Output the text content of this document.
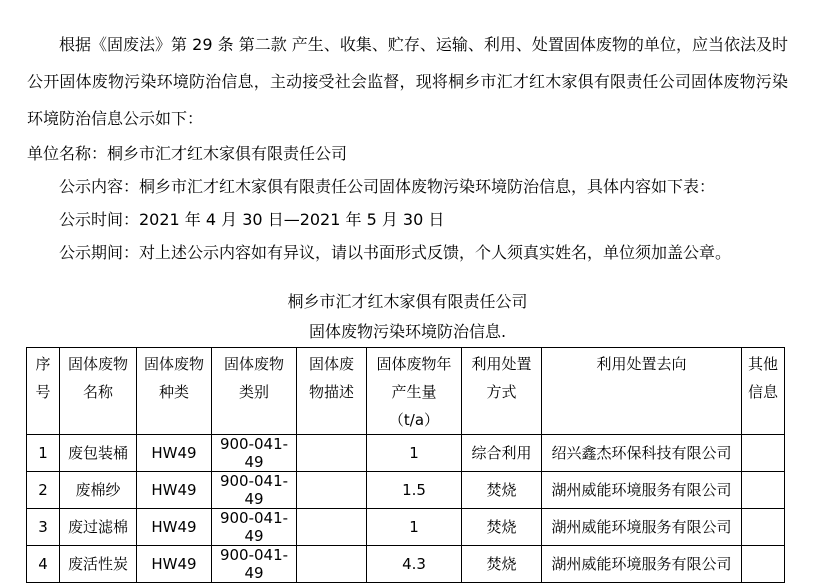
根据《固废法》第 29 条 第二款 产生、收集、贮存、运输、利用、处置固体废物的单位，应当依法及时公开固体废物污染环境防治信息，主动接受社会监督，现将桐乡市汇才红木家俱有限责任公司固体废物污染环境防治信息公示如下：

单位名称：桐乡市汇才红木家俱有限责任公司

公示内容：桐乡市汇才红木家俱有限责任公司固体废物污染环境防治信息，具体内容如下表：

公示时间：2021 年 4 月 30 日—2021 年 5 月 30 日

公示期间：对上述公示内容如有异议，请以书面形式反馈，个人须真实姓名，单位须加盖公章。

桐乡市汇才红木家俱有限责任公司

固体废物污染环境防治信息.

序号	固体废物名称	固体废物种类	固体废物类别	固体废物描述	固体废物年产生量（t/a）	利用处置方式	利用处置去向	其他信息
1	废包装桶	HW49	900-041-49		1	综合利用	绍兴鑫杰环保科技有限公司	
2	废棉纱	HW49	900-041-49		1.5	焚烧	湖州威能环境服务有限公司	
3	废过滤棉	HW49	900-041-49		1	焚烧	湖州威能环境服务有限公司	
4	废活性炭	HW49	900-041-49		4.3	焚烧	湖州威能环境服务有限公司	
